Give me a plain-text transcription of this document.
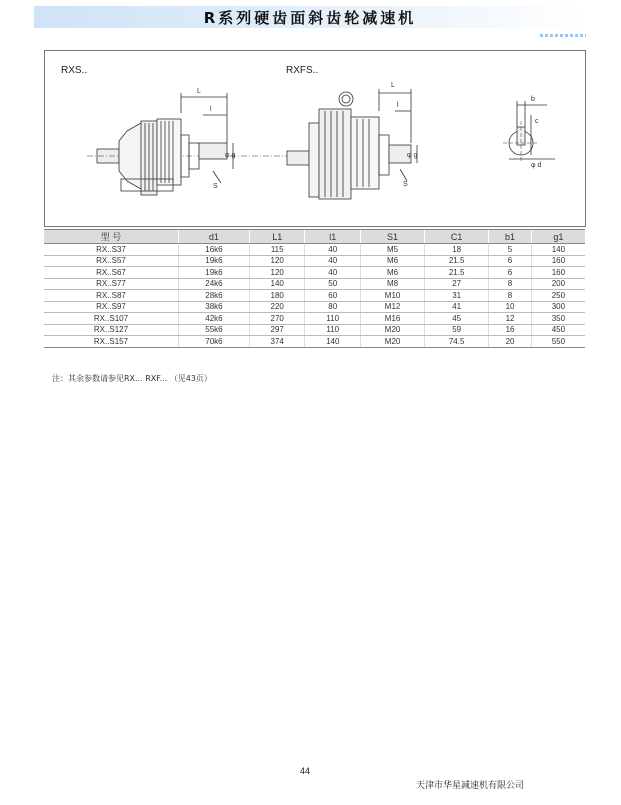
R系列硬齿面斜齿轮减速机
RXS..	RXFS..
L
l
φ g
S
L
l
φ g
S
b
c
φ d
型 号	d1	L1	l1	S1	C1	b1	g1
RX..S37	16k6	115	40	M5	18	5	140
RX..S57	19k6	120	40	M6	21.5	6	160
RX..S67	19k6	120	40	M6	21.5	6	160
RX..S77	24k6	140	50	M8	27	8	200
RX..S87	28k6	180	60	M10	31	8	250
RX..S97	38k6	220	80	M12	41	10	300
RX..S107	42k6	270	110	M16	45	12	350
RX..S127	55k6	297	110	M20	59	16	450
RX..S157	70k6	374	140	M20	74.5	20	550
注：其余参数请参见RX... RXF... （见43页）
44
天津市华星减速机有限公司
